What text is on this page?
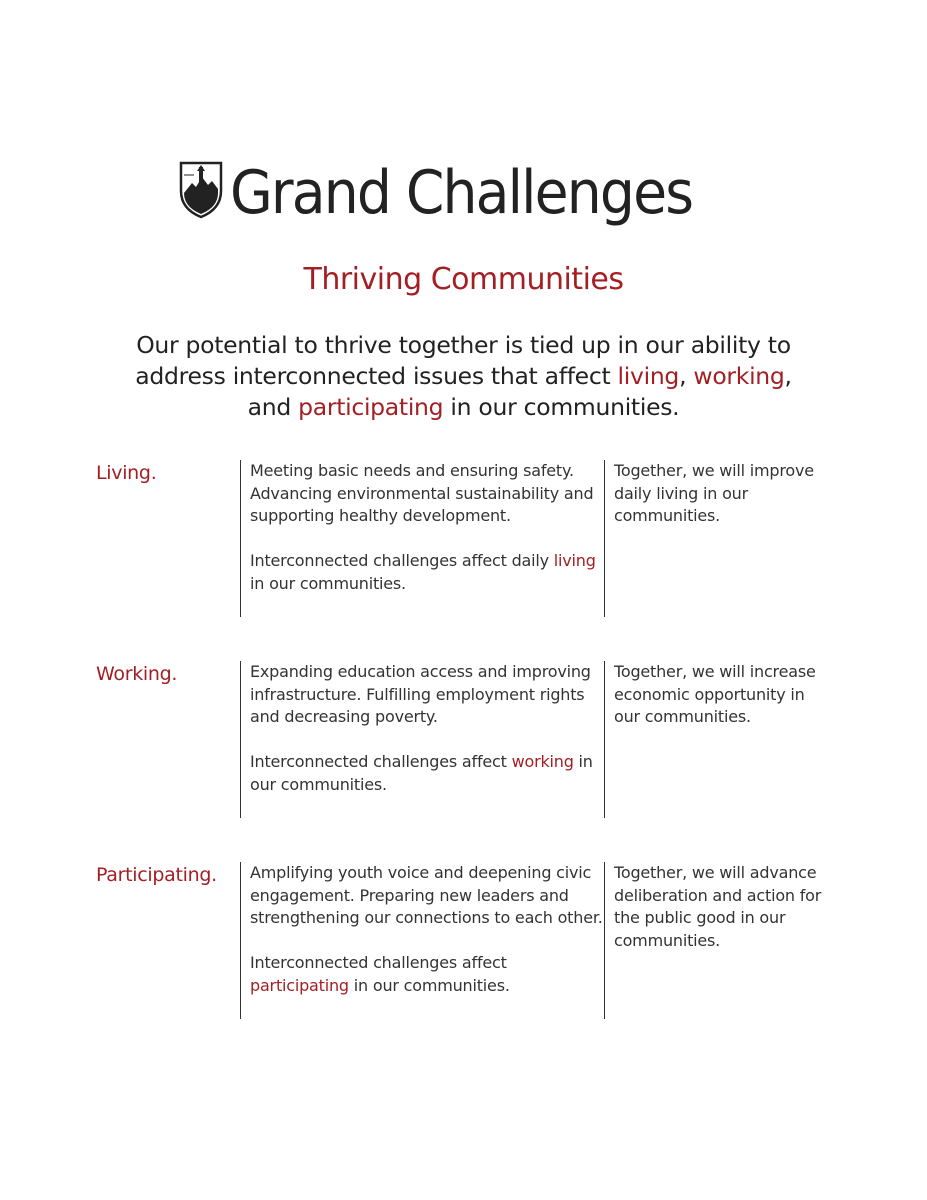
Grand Challenges
Thriving Communities
Our potential to thrive together is tied up in our ability to address interconnected issues that affect living, working,
and participating in our communities.
Living.	Meeting basic needs and ensuring safety. Advancing environmental sustainability and supporting healthy development.

Interconnected challenges affect daily living in our communities.

Together, we will improve daily living in our communities.
Working.	Expanding education access and improving infrastructure. Fulfilling employment rights and decreasing poverty.

Interconnected challenges affect working in our communities.

Together, we will increase economic opportunity in our communities.
Participating. Amplifying youth voice and deepening civic engagement. Preparing new leaders and strengthening our connections to each other.

Interconnected challenges affect participating in our communities.

Together, we will advance deliberation and action for the public good in our communities.
